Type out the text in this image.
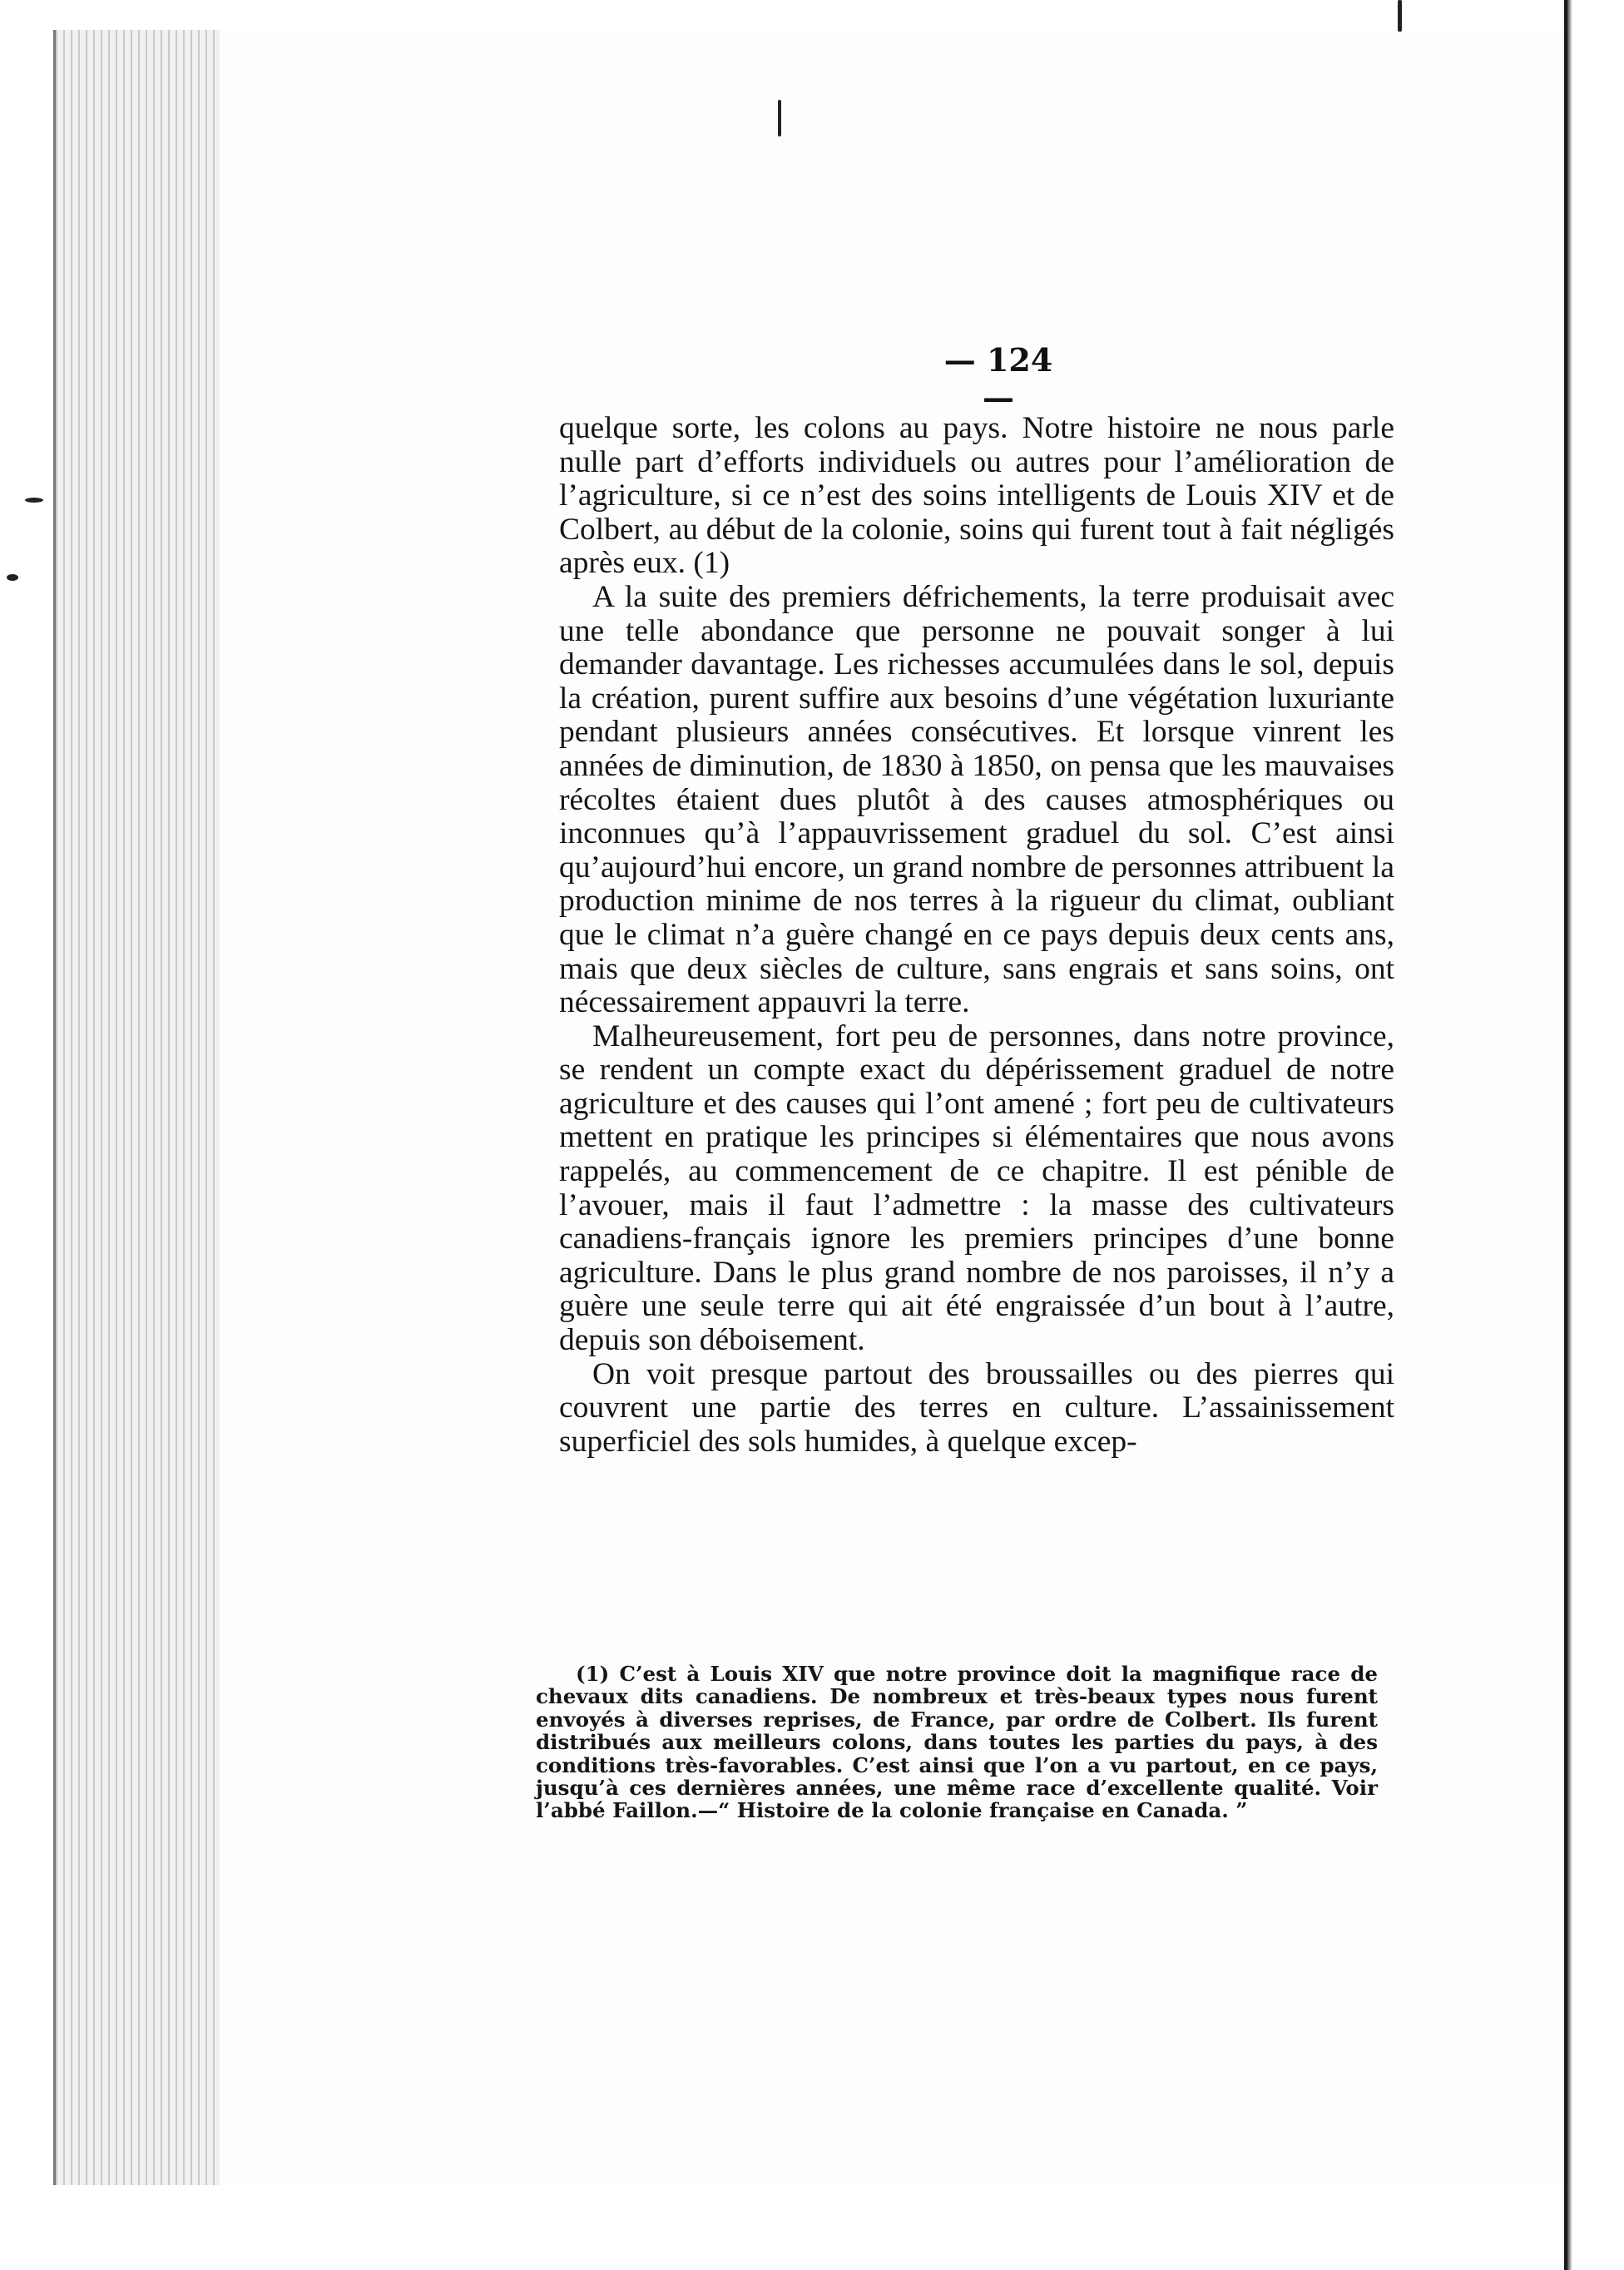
— 124 —

quelque sorte, les colons au pays. Notre histoire ne nous parle nulle part d’efforts individuels ou autres pour l’amélioration de l’agriculture, si ce n’est des soins intelligents de Louis XIV et de Colbert, au début de la colonie, soins qui furent tout à fait négligés après eux. (1)

A la suite des premiers défrichements, la terre produisait avec une telle abondance que personne ne pouvait songer à lui demander davantage. Les richesses accumulées dans le sol, depuis la création, purent suffire aux besoins d’une végétation luxuriante pendant plusieurs années consécutives. Et lorsque vinrent les années de diminution, de 1830 à 1850, on pensa que les mauvaises récoltes étaient dues plutôt à des causes atmosphériques ou inconnues qu’à l’appauvrissement graduel du sol. C’est ainsi qu’aujourd’hui encore, un grand nombre de personnes attribuent la production minime de nos terres à la rigueur du climat, oubliant que le climat n’a guère changé en ce pays depuis deux cents ans, mais que deux siècles de culture, sans engrais et sans soins, ont nécessairement appauvri la terre.

Malheureusement, fort peu de personnes, dans notre province, se rendent un compte exact du dépérissement graduel de notre agriculture et des causes qui l’ont amené ; fort peu de cultivateurs mettent en pratique les principes si élémentaires que nous avons rappelés, au commencement de ce chapitre. Il est pénible de l’avouer, mais il faut l’admettre : la masse des cultivateurs canadiens-français ignore les premiers principes d’une bonne agriculture. Dans le plus grand nombre de nos paroisses, il n’y a guère une seule terre qui ait été engraissée d’un bout à l’autre, depuis son déboisement.

On voit presque partout des broussailles ou des pierres qui couvrent une partie des terres en culture. L’assainissement superficiel des sols humides, à quelque excep-

(1) C’est à Louis XIV que notre province doit la magnifique race de chevaux dits canadiens. De nombreux et très-beaux types nous furent envoyés à diverses reprises, de France, par ordre de Colbert. Ils furent distribués aux meilleurs colons, dans toutes les parties du pays, à des conditions très-favorables. C’est ainsi que l’on a vu partout, en ce pays, jusqu’à ces dernières années, une même race d’excellente qualité. Voir l’abbé Faillon.—“ Histoire de la colonie française en Canada. ”
